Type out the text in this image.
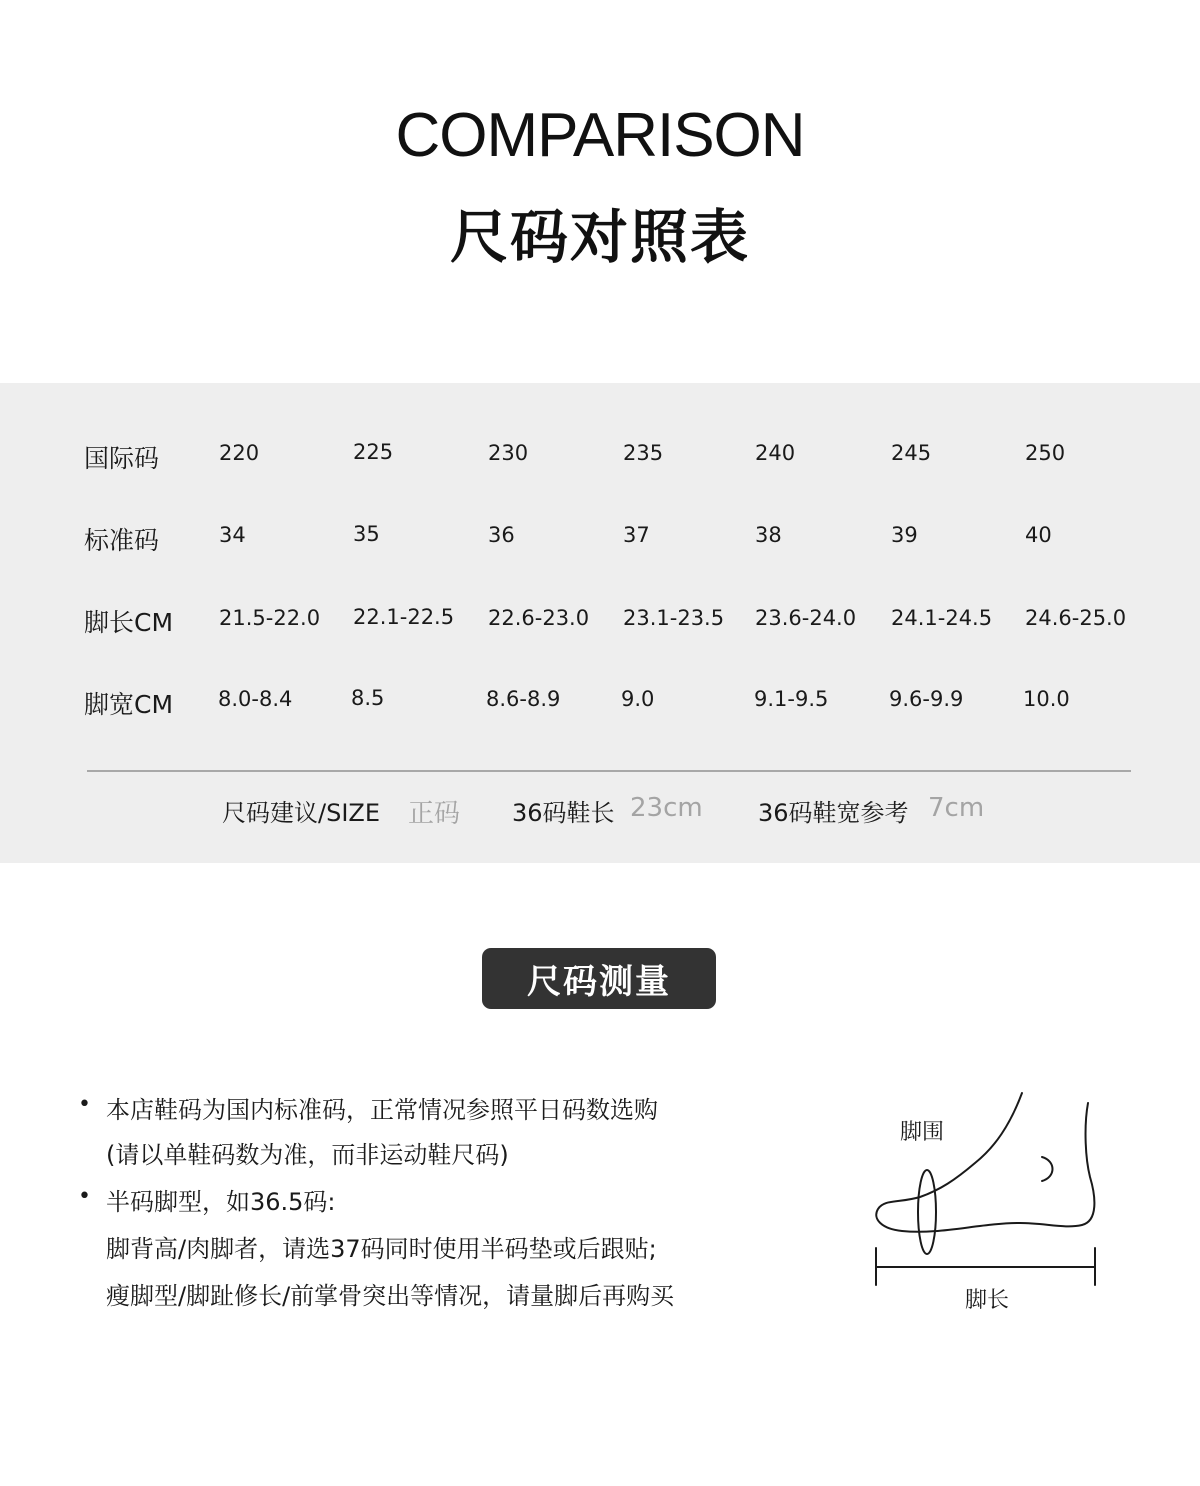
COMPARISON
尺码对照表
国际码	220	225	230	235	240	245	250
标准码	34	35	36	37	38	39	40
脚长CM 21.5-22.0 22.1-22.5 22.6-23.0 23.1-23.5 23.6-24.0 24.1-24.5 24.6-25.0
脚宽CM 8.0-8.4	8.5	8.6-8.9	9.0	9.1-9.5	9.6-9.9	10.0
尺码建议/SIZE 正码 36码鞋长 23cm 36码鞋宽参考 7cm
尺码测量
• 本店鞋码为国内标准码，正常情况参照平日码数选购
(请以单鞋码数为准，而非运动鞋尺码)
• 半码脚型，如36.5码:
脚背高/肉脚者，请选37码同时使用半码垫或后跟贴;
瘦脚型/脚趾修长/前掌骨突出等情况，请量脚后再购买
脚围
脚长
